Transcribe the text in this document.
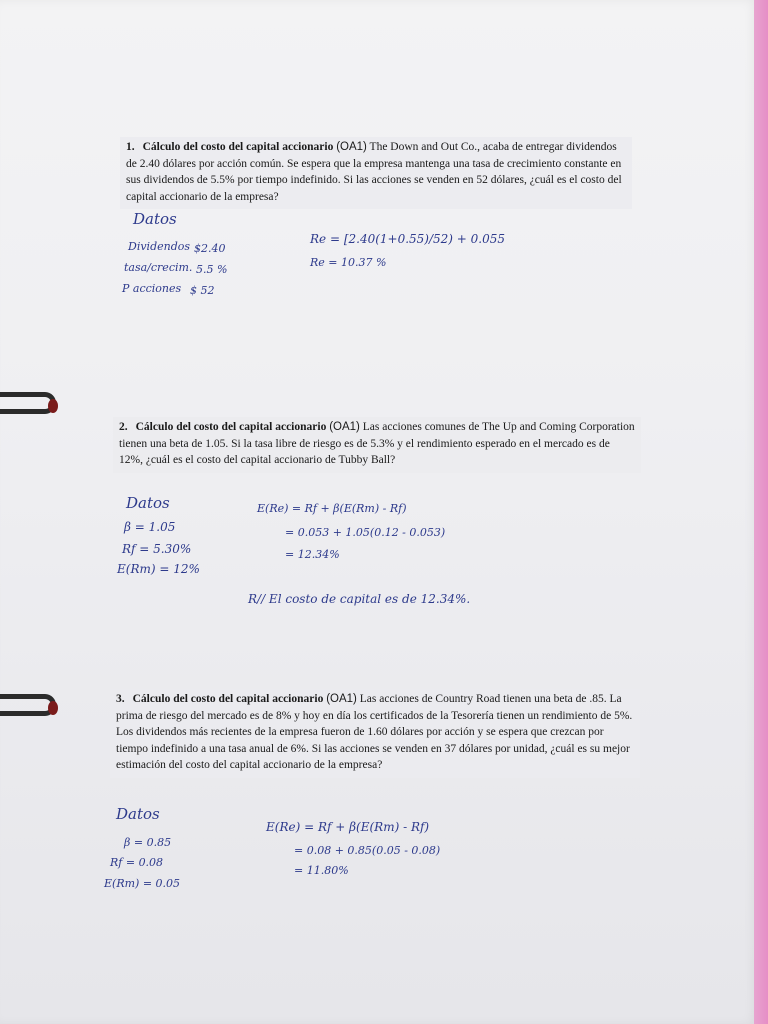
1. Cálculo del costo del capital accionario (OA1) The Down and Out Co., acaba de entregar dividendos de 2.40 dólares por acción común. Se espera que la empresa mantenga una tasa de crecimiento constante en sus dividendos de 5.5% por tiempo indefinido. Si las acciones se venden en 52 dólares, ¿cuál es el costo del capital accionario de la empresa?
Datos
Dividendos $2.40
tasa/crecim. 5.5 %
P acciones $ 52
Re = [2.40(1+0.55)/52) + 0.055
Re = 10.37 %
2. Cálculo del costo del capital accionario (OA1) Las acciones comunes de The Up and Coming Corporation tienen una beta de 1.05. Si la tasa libre de riesgo es de 5.3% y el rendimiento esperado en el mercado es de 12%, ¿cuál es el costo del capital accionario de Tubby Ball?
Datos
β = 1.05
Rf = 5.30%
E(Rm) = 12%
E(Re) = Rf + β(E(Rm) - Rf)
= 0.053 + 1.05(0.12 - 0.053)
= 12.34%
R// El costo de capital es de 12.34%.
3. Cálculo del costo del capital accionario (OA1) Las acciones de Country Road tienen una beta de .85. La prima de riesgo del mercado es de 8% y hoy en día los certificados de la Tesorería tienen un rendimiento de 5%. Los dividendos más recientes de la empresa fueron de 1.60 dólares por acción y se espera que crezcan por tiempo indefinido a una tasa anual de 6%. Si las acciones se venden en 37 dólares por unidad, ¿cuál es su mejor estimación del costo del capital accionario de la empresa?
Datos
β = 0.85
Rf = 0.08
E(Rm) = 0.05
E(Re) = Rf + β(E(Rm) - Rf)
= 0.08 + 0.85(0.05 - 0.08)
= 11.80%
